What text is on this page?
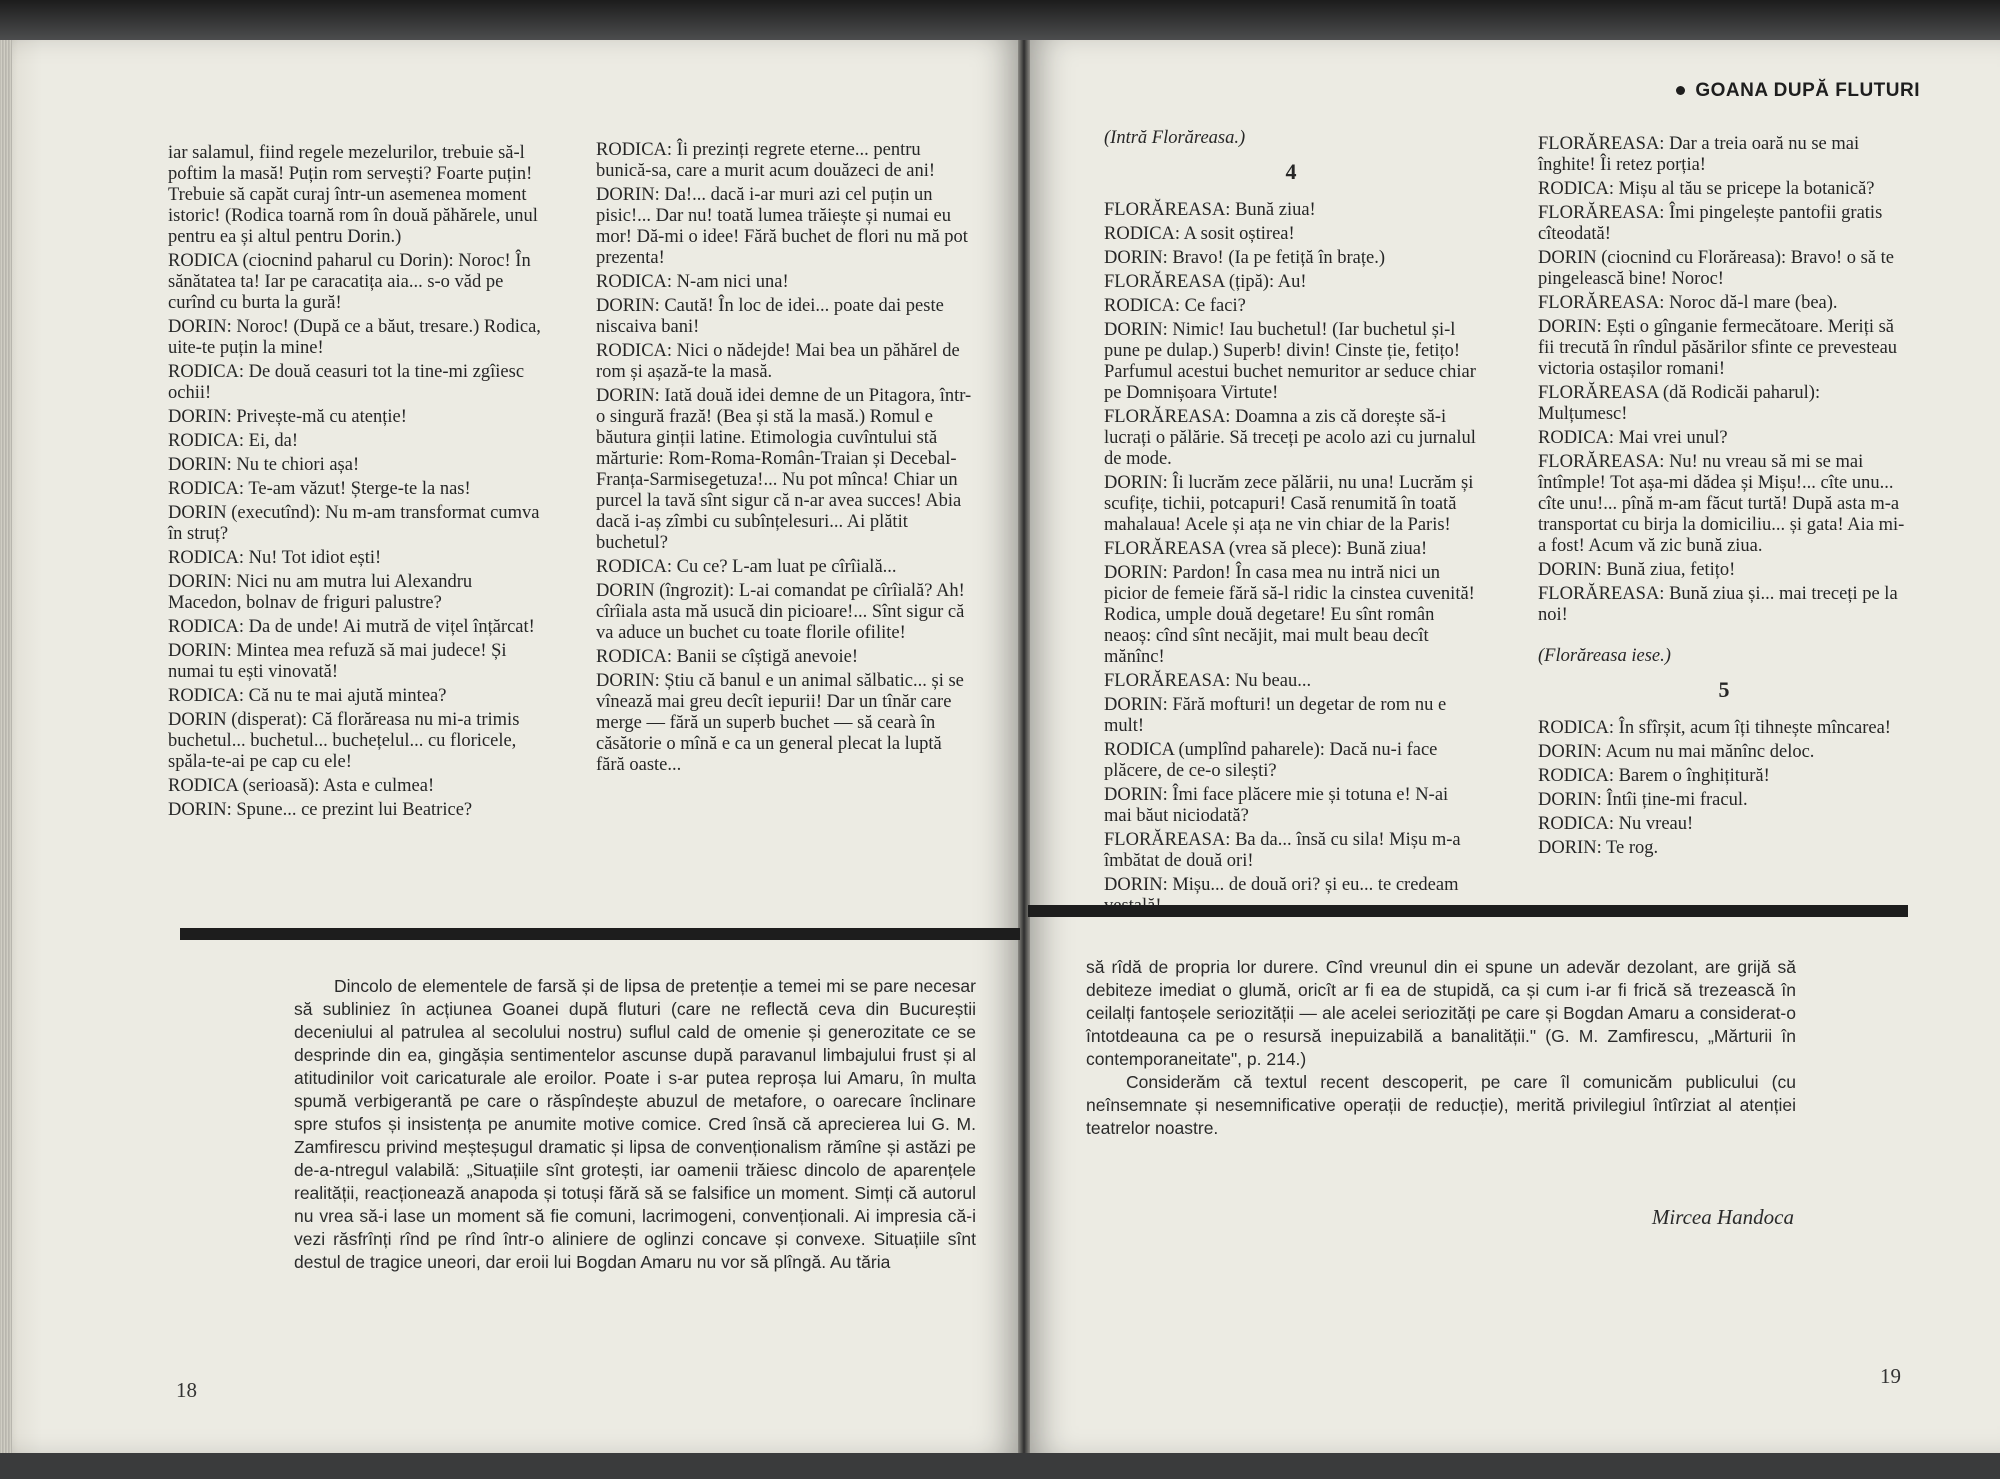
GOANA DUPĂ FLUTURI

iar salamul, fiind regele mezelurilor, trebuie să-l poftim la masă! Puțin rom servești? Foarte puțin! Trebuie să capăt curaj într-un asemenea moment istoric! (Rodica toarnă rom în două păhărele, unul pentru ea și altul pentru Dorin.)

RODICA (ciocnind paharul cu Dorin): Noroc! În sănătatea ta! Iar pe caracatița aia... s-o văd pe curînd cu burta la gură!

DORIN: Noroc! (După ce a băut, tresare.) Rodica, uite-te puțin la mine!

RODICA: De două ceasuri tot la tine-mi zgîiesc ochii!

DORIN: Privește-mă cu atenție!

RODICA: Ei, da!

DORIN: Nu te chiori așa!

RODICA: Te-am văzut! Șterge-te la nas!

DORIN (executînd): Nu m-am transformat cumva în struț?

RODICA: Nu! Tot idiot ești!

DORIN: Nici nu am mutra lui Alexandru Macedon, bolnav de friguri palustre?

RODICA: Da de unde! Ai mutră de vițel înțărcat!

DORIN: Mintea mea refuză să mai judece! Și numai tu ești vinovată!

RODICA: Că nu te mai ajută mintea?

DORIN (disperat): Că florăreasa nu mi-a trimis buchetul... buchetul... buchețelul... cu floricele, spăla-te-ai pe cap cu ele!

RODICA (serioasă): Asta e culmea!

DORIN: Spune... ce prezint lui Beatrice?

RODICA: Îi prezinți regrete eterne... pentru bunică-sa, care a murit acum douăzeci de ani!

DORIN: Da!... dacă i-ar muri azi cel puțin un pisic!... Dar nu! toată lumea trăiește și numai eu mor! Dă-mi o idee! Fără buchet de flori nu mă pot prezenta!

RODICA: N-am nici una!

DORIN: Caută! În loc de idei... poate dai peste niscaiva bani!

RODICA: Nici o nădejde! Mai bea un păhărel de rom și așază-te la masă.

DORIN: Iată două idei demne de un Pitagora, într-o singură frază! (Bea și stă la masă.) Romul e băutura ginții latine. Etimologia cuvîntului stă mărturie: Rom-Roma-Român-Traian și Decebal-Franța-Sarmisegetuza!... Nu pot mînca! Chiar un purcel la tavă sînt sigur că n-ar avea succes! Abia dacă i-aș zîmbi cu subînțelesuri... Ai plătit buchetul?

RODICA: Cu ce? L-am luat pe cîrîială...

DORIN (îngrozit): L-ai comandat pe cîrîială? Ah! cîrîiala asta mă usucă din picioare!... Sînt sigur că va aduce un buchet cu toate florile ofilite!

RODICA: Banii se cîștigă anevoie!

DORIN: Știu că banul e un animal sălbatic... și se vînează mai greu decît iepurii! Dar un tînăr care merge — fără un superb buchet — să cearà în căsătorie o mînă e ca un general plecat la luptă fără oaste...

(Intră Florăreasa.)

4

FLORĂREASA: Bună ziua!

RODICA: A sosit oștirea!

DORIN: Bravo! (Ia pe fetiță în brațe.)

FLORĂREASA (țipă): Au!

RODICA: Ce faci?

DORIN: Nimic! Iau buchetul! (Iar buchetul și-l pune pe dulap.) Superb! divin! Cinste ție, fetițo! Parfumul acestui buchet nemuritor ar seduce chiar pe Domnișoara Virtute!

FLORĂREASA: Doamna a zis că dorește să-i lucrați o pălărie. Să treceți pe acolo azi cu jurnalul de mode.

DORIN: Îi lucrăm zece pălării, nu una! Lucrăm și scufițe, tichii, potcapuri! Casă renumită în toată mahalaua! Acele și ața ne vin chiar de la Paris!

FLORĂREASA (vrea să plece): Bună ziua!

DORIN: Pardon! În casa mea nu intră nici un picior de femeie fără să-l ridic la cinstea cuvenită! Rodica, umple două degetare! Eu sînt român neaoș: cînd sînt necăjit, mai mult beau decît mănînc!

FLORĂREASA: Nu beau...

DORIN: Fără mofturi! un degetar de rom nu e mult!

RODICA (umplînd paharele): Dacă nu-i face plăcere, de ce-o silești?

DORIN: Îmi face plăcere mie și totuna e! N-ai mai băut niciodată?

FLORĂREASA: Ba da... însă cu sila! Mișu m-a îmbătat de două ori!

DORIN: Mișu... de două ori? și eu... te credeam

FLORĂREASA: Dar a treia oară nu se mai înghite! Îi retez porția!

RODICA: Mișu al tău se pricepe la botanică?

FLORĂREASA: Îmi pingelește pantofii gratis cîteodată!

DORIN (ciocnind cu Florăreasa): Bravo! o să te pingelească bine! Noroc!

FLORĂREASA: Noroc dă-l mare (bea).

DORIN: Ești o gînganie fermecătoare. Meriți să fii trecută în rîndul păsărilor sfinte ce prevesteau victoria ostașilor romani!

FLORĂREASA (dă Rodicăi paharul): Mulțumesc!

RODICA: Mai vrei unul?

FLORĂREASA: Nu! nu vreau să mi se mai întîmple! Tot așa-mi dădea și Mișu!... cîte unu... cîte unu!... pînă m-am făcut turtă! După asta m-a transportat cu birja la domiciliu... și gata! Aia mi-a fost! Acum vă zic bună ziua.

DORIN: Bună ziua, fetițo!

FLORĂREASA: Bună ziua și... mai treceți pe la noi!

(Florăreasa iese.)

5

RODICA: În sfîrșit, acum îți tihnește mîncarea!

DORIN: Acum nu mai mănînc deloc.

RODICA: Barem o înghițitură!

DORIN: Întîi ține-mi fracul.

RODICA: Nu vreau!

DORIN: Te rog.

Dincolo de elementele de farsă și de lipsa de pretenție a temei mi se pare necesar să subliniez în acțiunea Goanei după fluturi (care ne reflectă ceva din Bucureștii deceniului al patrulea al secolului nostru) suflul cald de omenie și generozitate ce se desprinde din ea, gingășia sentimentelor ascunse după paravanul limbajului frust și al atitudinilor voit caricaturale ale eroilor. Poate i s-ar putea reproșa lui Amaru, în multa spumă verbigerantă pe care o răspîndește abuzul de metafore, o oarecare înclinare spre stufos și insistența pe anumite motive comice. Cred însă că aprecierea lui G. M. Zamfirescu privind meșteșugul dramatic și lipsa de convenționalism rămîne și astăzi pe de-a-ntregul valabilă: „Situațiile sînt grotești, iar oamenii trăiesc dincolo de aparențele realității, reacționează anapoda și totuși fără să se falsifice un moment. Simți că autorul nu vrea să-i lase un moment să fie comuni, lacrimogeni, convenționali. Ai impresia că-i vezi răsfrînți rînd pe rînd într-o aliniere de oglinzi concave și convexe. Situațiile sînt destul de tragice uneori, dar eroii lui Bogdan Amaru nu vor să plîngă. Au tăria

să rîdă de propria lor durere. Cînd vreunul din ei spune un adevăr dezolant, are grijă să debiteze imediat o glumă, oricît ar fi ea de stupidă, ca și cum i-ar fi frică să trezească în ceilalți fantoșele seriozității — ale acelei seriozități pe care și Bogdan Amaru a considerat-o întotdeauna ca pe o resursă inepuizabilă a banalității." (G. M. Zamfirescu, „Mărturii în contemporaneitate", p. 214.)

Considerăm că textul recent descoperit, pe care îl comunicăm publicului (cu neînsemnate și nesemnificative operații de reducție), merită privilegiul întîrziat al atenției teatrelor noastre.

Mircea Handoca
18
19
